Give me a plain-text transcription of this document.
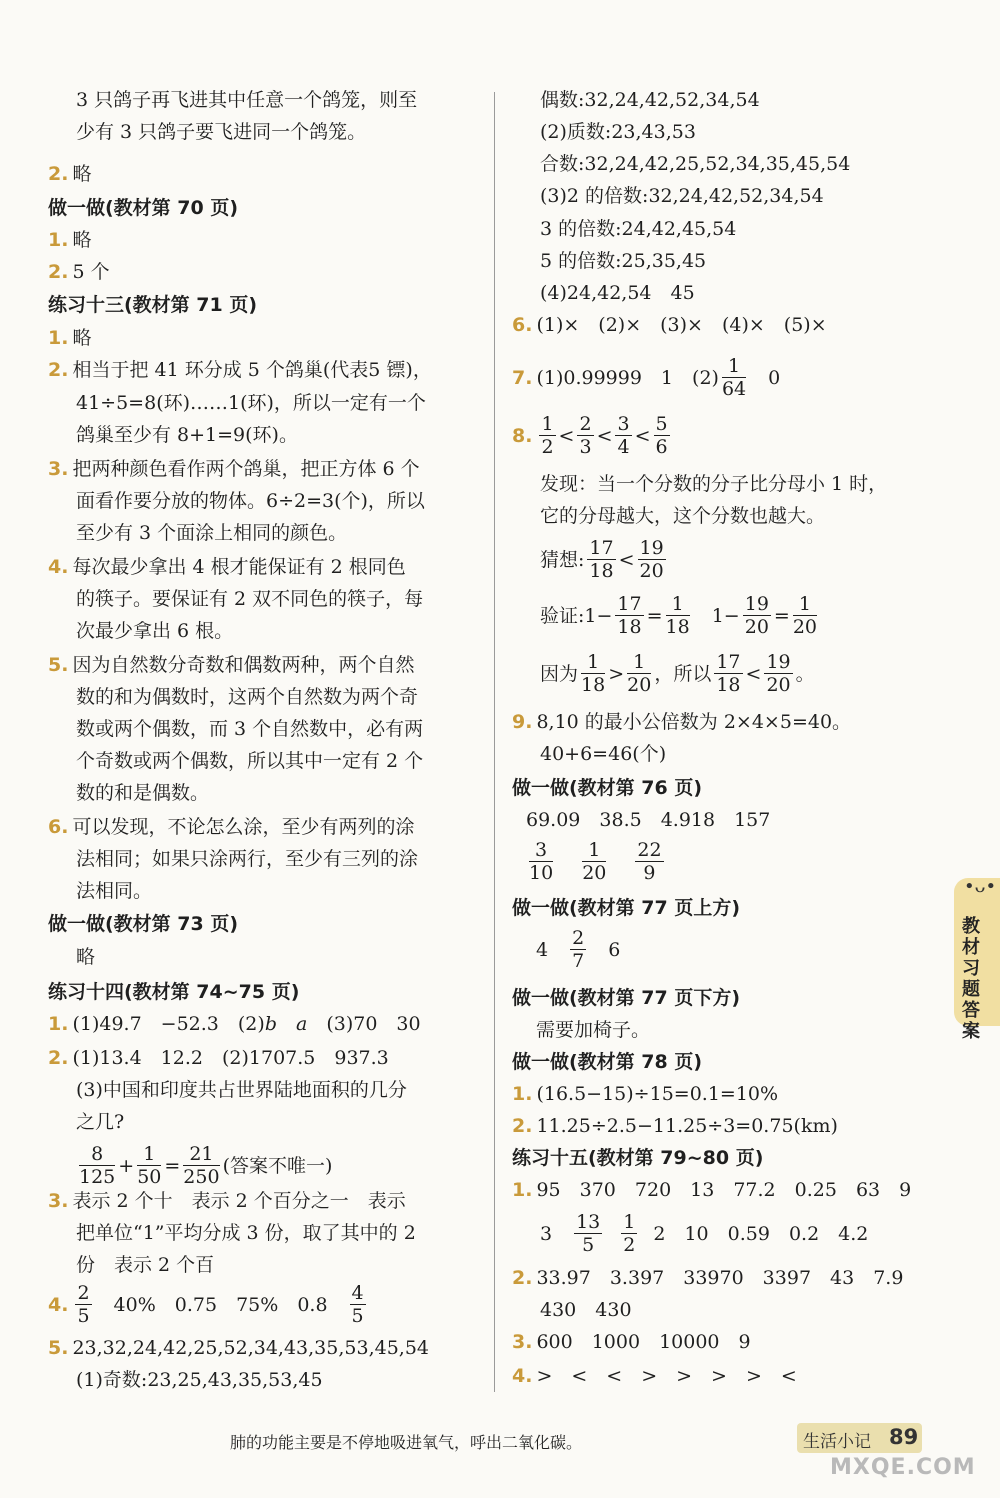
3 只鸽子再飞进其中任意一个鸽笼，则至
少有 3 只鸽子要飞进同一个鸽笼。
2. 略
做一做(教材第 70 页)
1. 略
2. 5 个
练习十三(教材第 71 页)
1. 略
2. 相当于把 41 环分成 5 个鸽巢(代表5 镖)，
41÷5=8(环)……1(环)，所以一定有一个
鸽巢至少有 8+1=9(环)。
3. 把两种颜色看作两个鸽巢，把正方体 6 个
面看作要分放的物体。6÷2=3(个)，所以
至少有 3 个面涂上相同的颜色。
4. 每次最少拿出 4 根才能保证有 2 根同色
的筷子。要保证有 2 双不同色的筷子，每
次最少拿出 6 根。
5. 因为自然数分奇数和偶数两种，两个自然
数的和为偶数时，这两个自然数为两个奇
数或两个偶数，而 3 个自然数中，必有两
个奇数或两个偶数，所以其中一定有 2 个
数的和是偶数。
6. 可以发现，不论怎么涂，至少有两列的涂
法相同；如果只涂两行，至少有三列的涂
法相同。
做一做(教材第 73 页)
略
练习十四(教材第 74~75 页)
1. (1)49.7　−52.3　(2)b　 a　(3)70　30
2. (1)13.4　12.2　(2)1707.5　937.3
(3)中国和印度共占世界陆地面积的几分
之几?
$\frac{8}{125} + \frac{1}{50} = \frac{21}{250}$ (答案不唯一)
3. 表示 2 个十　表示 2 个百分之一　表示
把单位“1”平均分成 3 份，取了其中的 2
份　表示 2 个百
4. $\frac{2}{5}$ 　40%　0.75　75%　0.8　 $\frac{4}{5}$
5. 23,32,24,42,25,52,34,43,35,53,45,54
(1)奇数:23,25,43,35,53,45
偶数:32,24,42,52,34,54
(2)质数:23,43,53
合数:32,24,42,25,52,34,35,45,54
(3)2 的倍数:32,24,42,52,34,54
3 的倍数:24,42,45,54
5 的倍数:25,35,45
(4)24,42,54　45
6. (1)×　(2)×　(3)×　(4)×　(5)×
7. (1)0.99999　1　$(2) \frac{1}{64}$ 　0
8. $\frac{1}{2} < \frac{2}{3} < \frac{3}{4} < \frac{5}{6}$
发现：当一个分数的分子比分母小 1 时，
它的分母越大，这个分数也越大。
猜想: $\frac{17}{18} < \frac{19}{20}$
验证:1− $\frac{17}{18} = \frac{1}{18}$ 　$1- \frac{19}{20} = \frac{1}{20}$
因为 $\frac{1}{18} > \frac{1}{20}$ ，所以 $\frac{17}{18} < \frac{19}{20}$ 。
9. 8,10 的最小公倍数为 2×4×5=40。
40+6=46(个)
做一做(教材第 76 页)
69.09　38.5　4.918　157
$\frac{3}{10} \frac{1}{20} \frac{22}{9}$
做一做(教材第 77 页上方)
4　 $\frac{2}{7}$ 　6
做一做(教材第 77 页下方)
需要加椅子。
做一做(教材第 78 页)
1. (16.5−15)÷15=0.1=10%
2. 11.25÷2.5−11.25÷3=0.75(km)
练习十五(教材第 79~80 页)
1. 95　370　720　13　77.2　0.25　63　9
3　 $\frac{13}{5} \frac{1}{2} 2$　10　0.59　0.2　4.2
2. 33.97　3.397　33970　3397　43　7.9
430　430
3. 600　1000　10000　9
4. >　<　<　>　>　>　>　<
•ᴗ•
教材习题答案
肺的功能主要是不停地吸进氧气，呼出二氧化碳。	生活小记 89
MXQE.COM
